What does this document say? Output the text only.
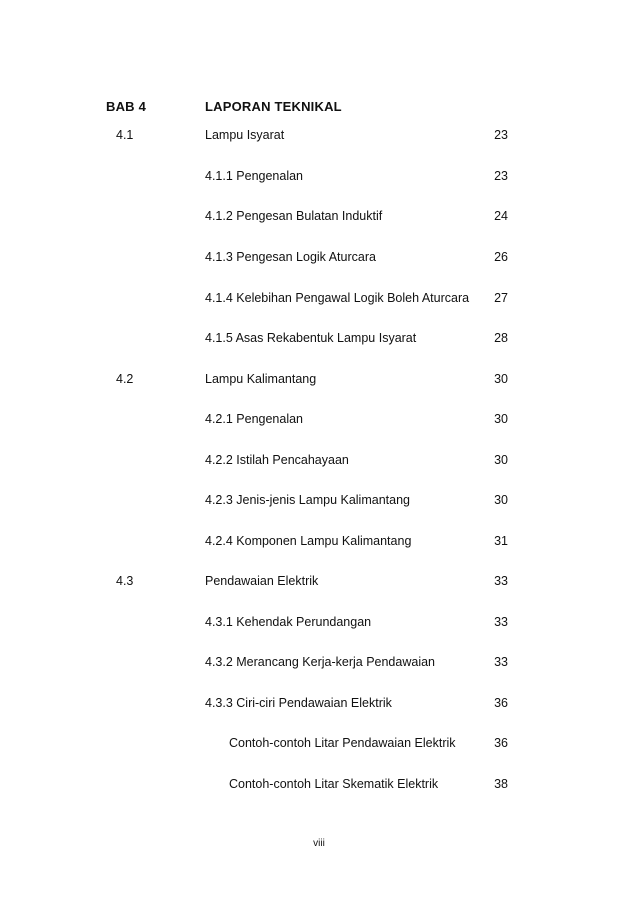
BAB 4	LAPORAN TEKNIKAL
4.1	Lampu Isyarat	23
4.1.1 Pengenalan	23
4.1.2 Pengesan Bulatan Induktif	24
4.1.3 Pengesan Logik Aturcara	26
4.1.4 Kelebihan Pengawal Logik Boleh Aturcara 27
4.1.5 Asas Rekabentuk Lampu Isyarat	28
4.2	Lampu Kalimantang	30
4.2.1 Pengenalan	30
4.2.2 Istilah Pencahayaan	30
4.2.3 Jenis-jenis Lampu Kalimantang	30
4.2.4 Komponen Lampu Kalimantang	31
4.3	Pendawaian Elektrik	33
4.3.1 Kehendak Perundangan	33
4.3.2 Merancang Kerja-kerja Pendawaian	33
4.3.3 Ciri-ciri Pendawaian Elektrik	36
Contoh-contoh Litar Pendawaian Elektrik	36
Contoh-contoh Litar Skematik Elektrik	38
viii
